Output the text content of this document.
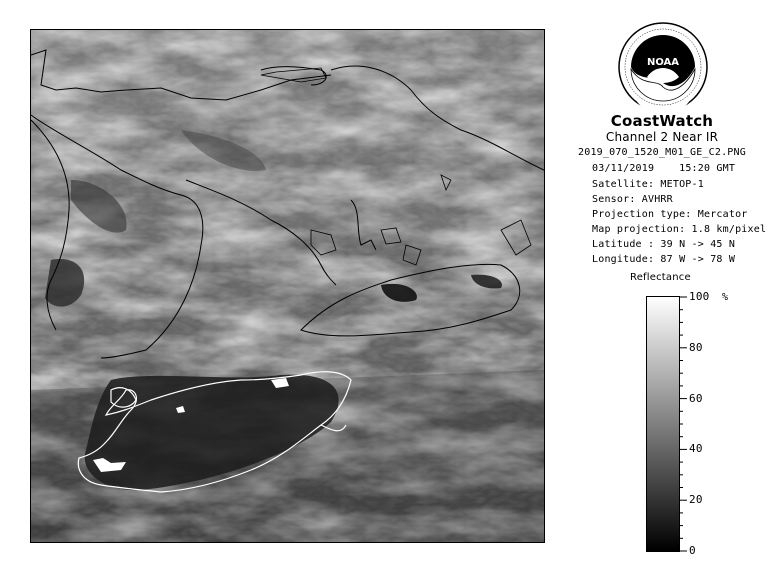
NOAA
CoastWatch
Channel 2 Near IR
2019_070_1520_M01_GE_C2.PNG
03/11/2019 15:20 GMT
Satellite: METOP-1
Sensor: AVHRR
Projection type: Mercator
Map projection: 1.8 km/pixel
Latitude : 39 N -> 45 N
Longitude: 87 W -> 78 W
Reflectance
100
80
60
40
20
0
%
